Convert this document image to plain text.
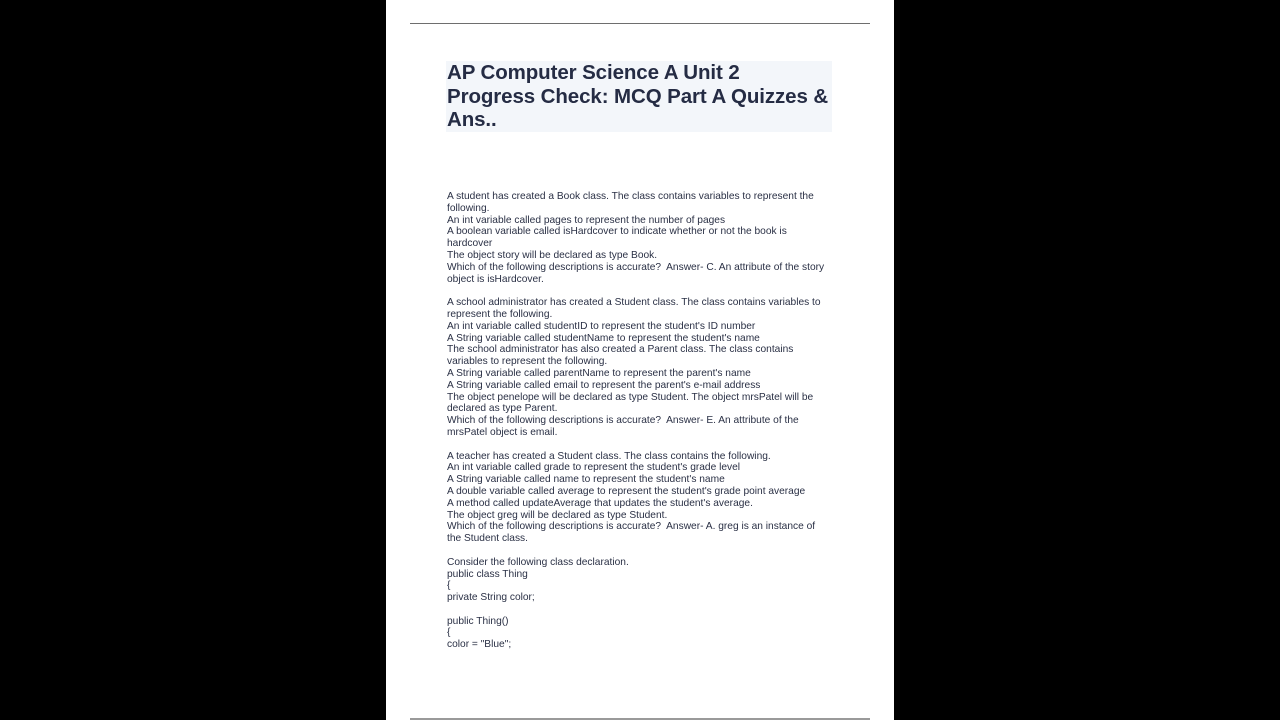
AP Computer Science A Unit 2
Progress Check: MCQ Part A Quizzes &
Ans..
A student has created a Book class. The class contains variables to represent the
following.
An int variable called pages to represent the number of pages
A boolean variable called isHardcover to indicate whether or not the book is
hardcover
The object story will be declared as type Book.
Which of the following descriptions is accurate?  Answer- C. An attribute of the story
object is isHardcover.
A school administrator has created a Student class. The class contains variables to
represent the following.
An int variable called studentID to represent the student's ID number
A String variable called studentName to represent the student's name
The school administrator has also created a Parent class. The class contains
variables to represent the following.
A String variable called parentName to represent the parent's name
A String variable called email to represent the parent's e-mail address
The object penelope will be declared as type Student. The object mrsPatel will be
declared as type Parent.
Which of the following descriptions is accurate?  Answer- E. An attribute of the
mrsPatel object is email.
A teacher has created a Student class. The class contains the following.
An int variable called grade to represent the student's grade level
A String variable called name to represent the student's name
A double variable called average to represent the student's grade point average
A method called updateAverage that updates the student's average.
The object greg will be declared as type Student.
Which of the following descriptions is accurate?  Answer- A. greg is an instance of
the Student class.
Consider the following class declaration.
public class Thing
{
private String color;
public Thing()
{
color = "Blue";
